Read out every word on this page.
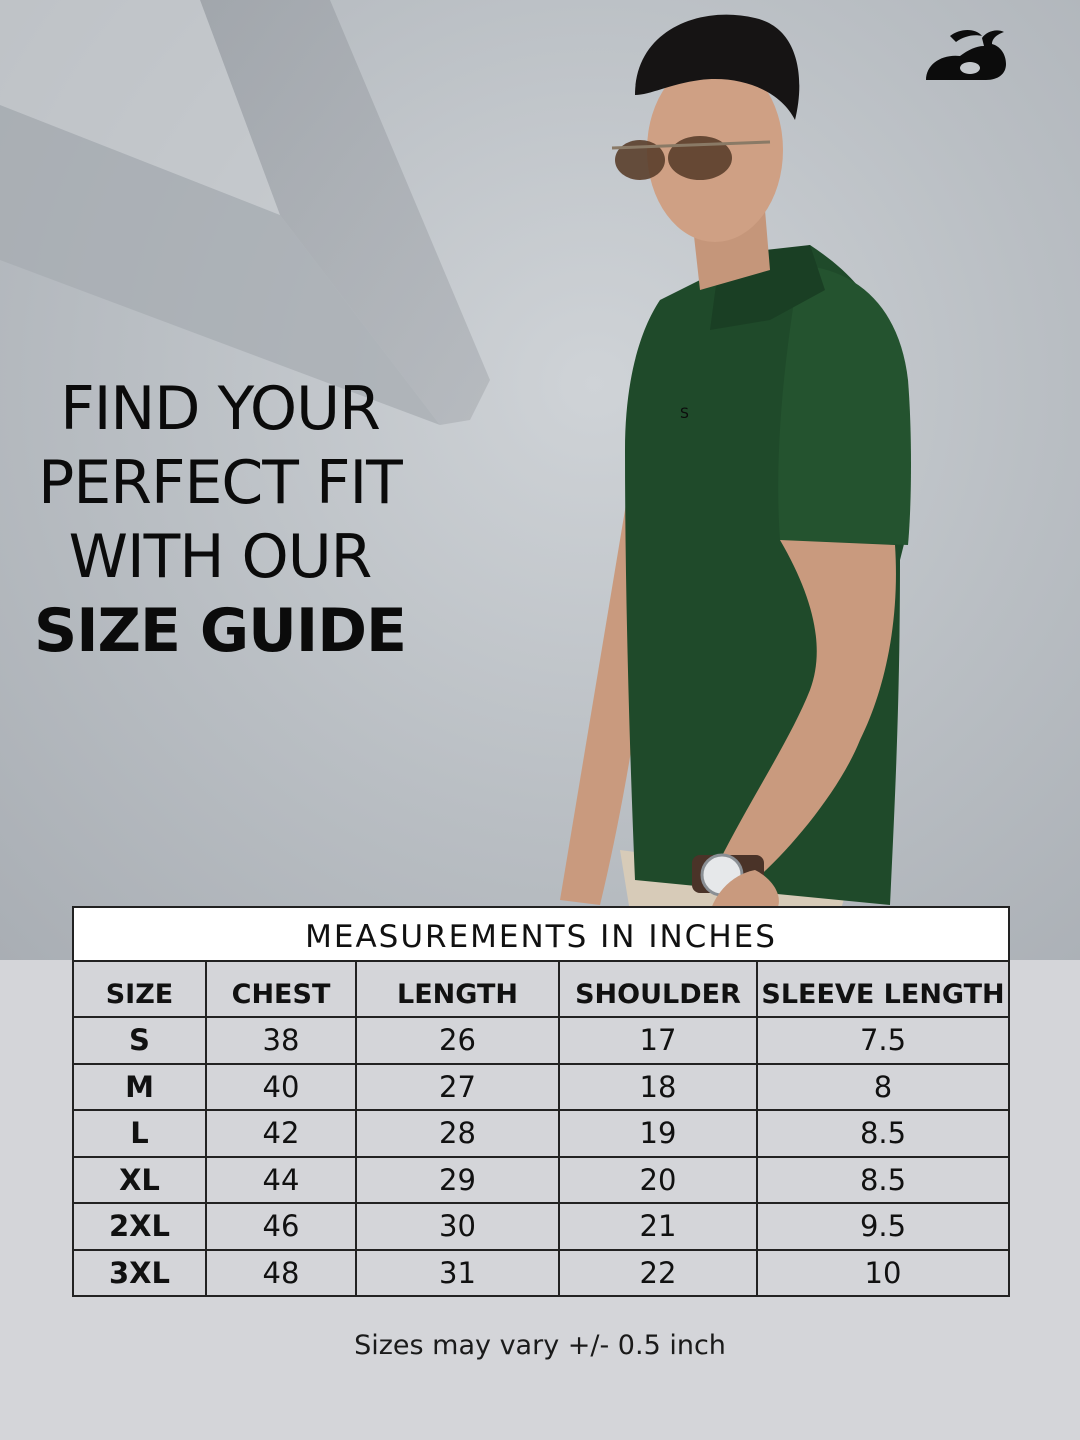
S
FIND YOUR
PERFECT FIT
WITH OUR
SIZE GUIDE
MEASUREMENTS IN INCHES				
SIZE	CHEST	LENGTH	SHOULDER	SLEEVE LENGTH
S	38	26	17	7.5
M	40	27	18	8
L	42	28	19	8.5
XL	44	29	20	8.5
2XL	46	30	21	9.5
3XL	48	31	22	10
Sizes may vary +/- 0.5 inch
